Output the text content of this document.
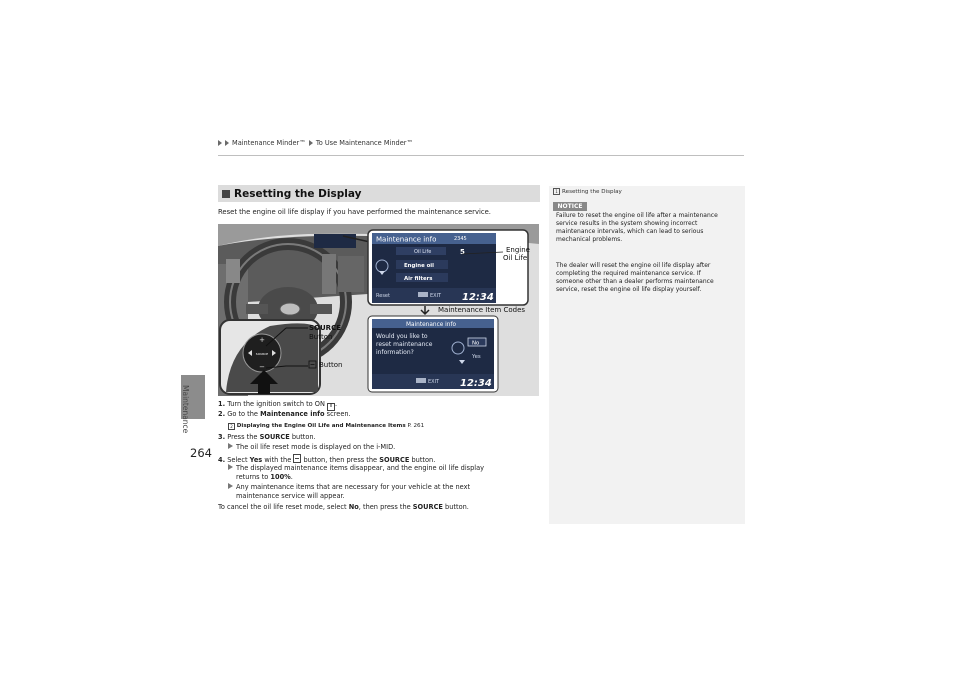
Maintenance Minder™ To Use Maintenance Minder™
Maintenance
264
Resetting the Display
Reset the engine oil life display if you have performed the maintenance service.
+
−
SOURCE
Maintenance info	2345
Oil Life	5
Engine oil
Air filters
Reset	EXIT 12:34
Maintenance info
Would you like to
reset maintenance
information?
No
Yes
EXIT 12:34
Engine
Oil Life
Maintenance Item Codes
SOURCE
Button
Button
1. Turn the ignition switch to ON II .
2. Go to the Maintenance info screen.
2 Displaying the Engine Oil Life and Maintenance Items P. 261
3. Press the SOURCE button.
The oil life reset mode is displayed on the i-MID.
4. Select Yes with the button, then press the SOURCE button.
The displayed maintenance items disappear, and the engine oil life display
returns to 100%.
Any maintenance items that are necessary for your vehicle at the next
maintenance service will appear.
To cancel the oil life reset mode, select No, then press the SOURCE button.
1 Resetting the Display
NOTICE
Failure to reset the engine oil life after a maintenance
service results in the system showing incorrect
maintenance intervals, which can lead to serious
mechanical problems.
The dealer will reset the engine oil life display after
completing the required maintenance service. If
someone other than a dealer performs maintenance
service, reset the engine oil life display yourself.
